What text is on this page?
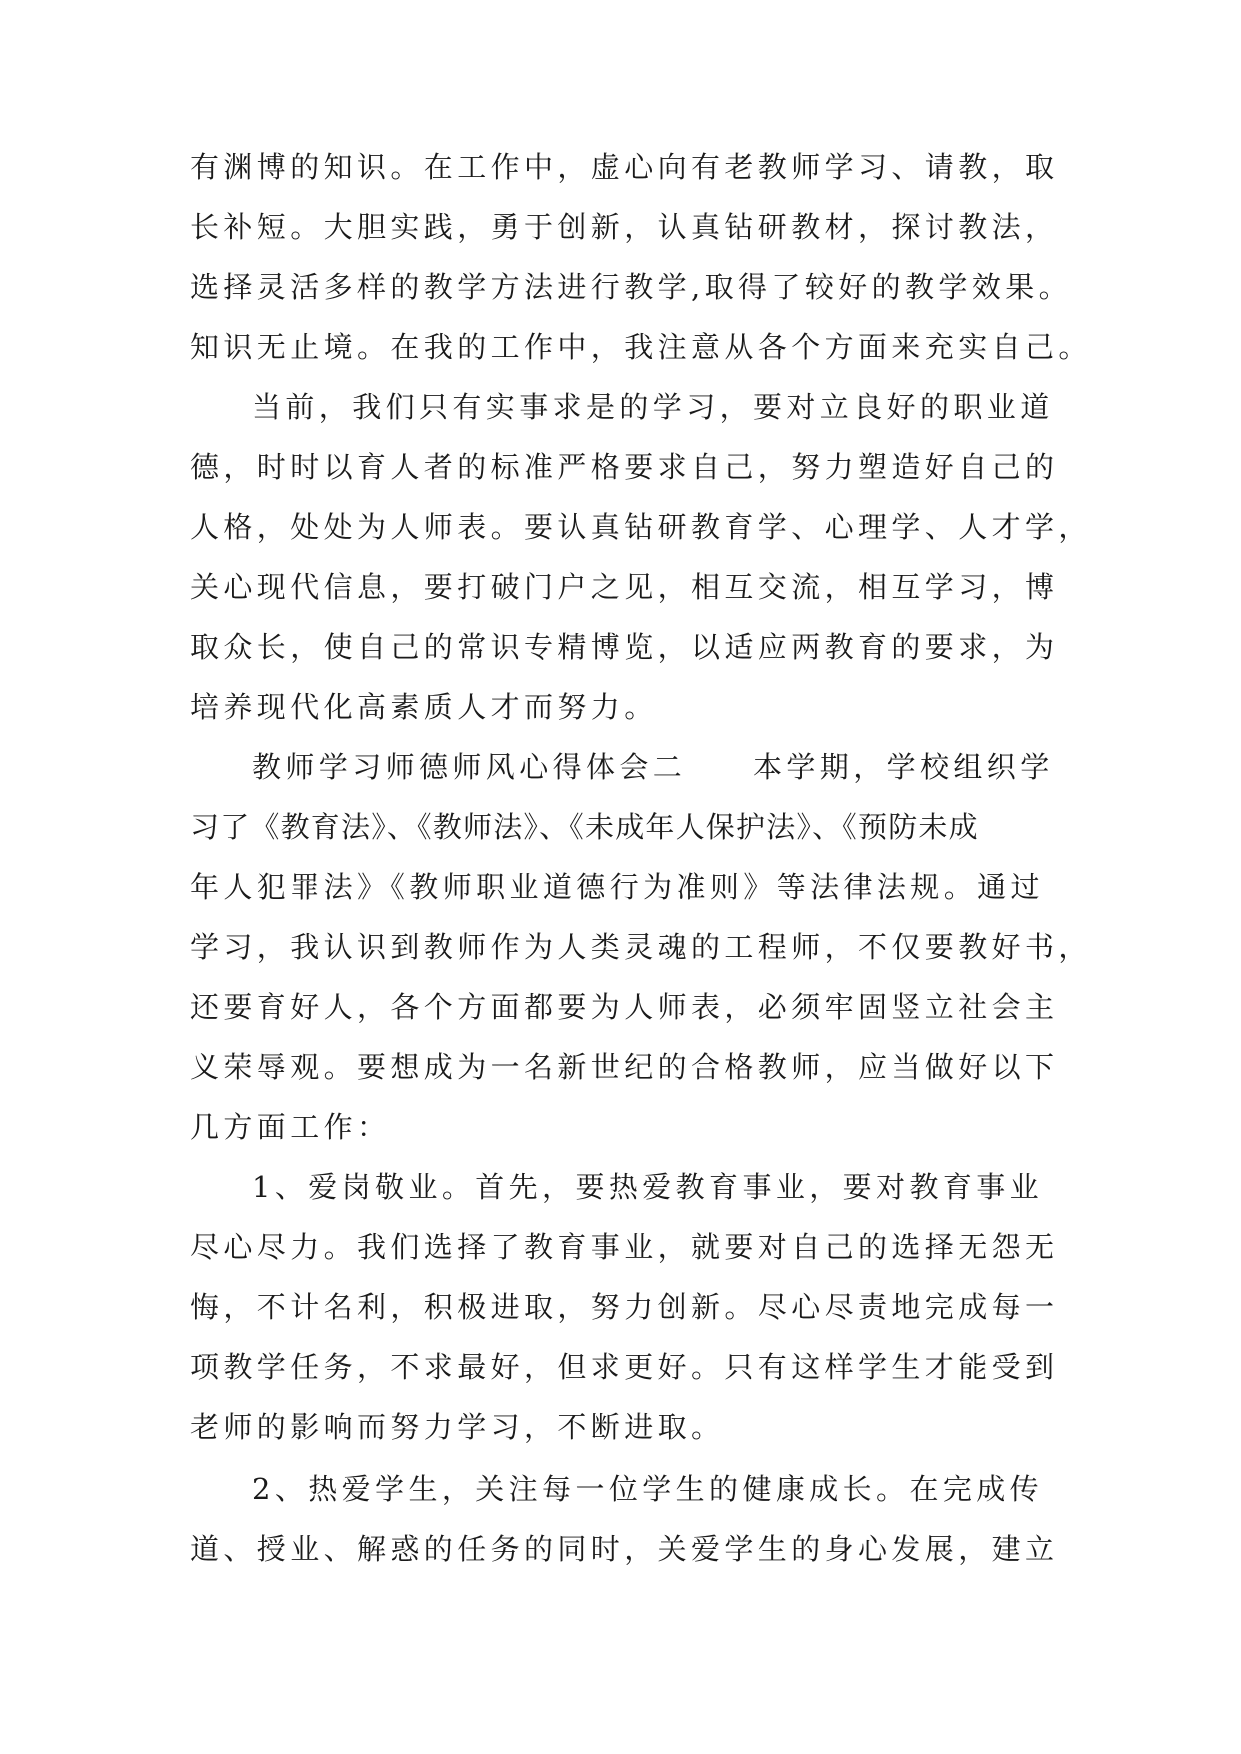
有渊博的知识。在工作中，虚心向有老教师学习、请教，取
长补短。大胆实践，勇于创新，认真钻研教材，探讨教法，
选择灵活多样的教学方法进行教学,取得了较好的教学效果。
知识无止境。在我的工作中，我注意从各个方面来充实自己。
当前，我们只有实事求是的学习，要对立良好的职业道
德，时时以育人者的标准严格要求自己，努力塑造好自己的
人格，处处为人师表。要认真钻研教育学、心理学、人才学，
关心现代信息，要打破门户之见，相互交流，相互学习，博
取众长，使自己的常识专精博览，以适应两教育的要求，为
培养现代化高素质人才而努力。
教师学习师德师风心得体会二　　本学期，学校组织学
习了《教育法》、《教师法》、《未成年人保护法》、《预防未成
年人犯罪法》《教师职业道德行为准则》等法律法规。通过
学习，我认识到教师作为人类灵魂的工程师，不仅要教好书，
还要育好人，各个方面都要为人师表，必须牢固竖立社会主
义荣辱观。要想成为一名新世纪的合格教师，应当做好以下
几方面工作：
1、爱岗敬业。首先，要热爱教育事业，要对教育事业
尽心尽力。我们选择了教育事业，就要对自己的选择无怨无
悔，不计名利，积极进取，努力创新。尽心尽责地完成每一
项教学任务，不求最好，但求更好。只有这样学生才能受到
老师的影响而努力学习，不断进取。
2、热爱学生，关注每一位学生的健康成长。在完成传
道、授业、解惑的任务的同时，关爱学生的身心发展，建立
